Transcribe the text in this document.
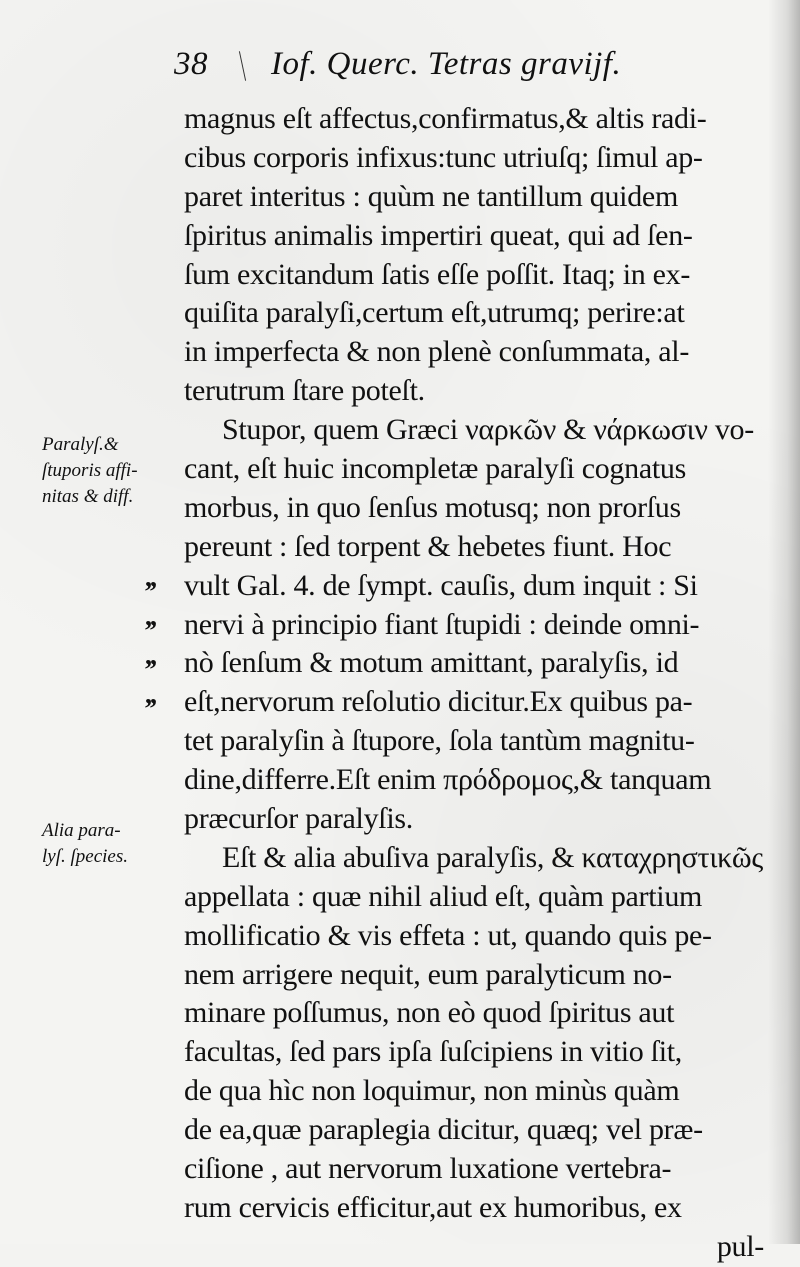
38 Iof. Querc. Tetras gravijf.
magnus eſt affectus,confirmatus,& altis radi-
cibus corporis infixus:tunc utriuſq; ſimul ap-
paret interitus : quùm ne tantillum quidem
ſpiritus animalis impertiri queat, qui ad ſen-
ſum excitandum ſatis eſſe poſſit. Itaq; in ex-
quiſita paralyſi,certum eſt,utrumq; perire:at
in imperfecta & non plenè conſummata, al-
terutrum ſtare poteſt.
Stupor, quem Græci ναρκῶν & νάρκωσιν vo-
cant, eſt huic incompletæ paralyſi cognatus
morbus, in quo ſenſus motusq; non prorſus
pereunt : ſed torpent & hebetes fiunt. Hoc
vult Gal. 4. de ſympt. cauſis, dum inquit : Si
nervi à principio fiant ſtupidi : deinde omni-
nò ſenſum & motum amittant, paralyſis, id
eſt,nervorum reſolutio dicitur.Ex quibus pa-
tet paralyſin à ſtupore, ſola tantùm magnitu-
dine,differre.Eſt enim πρόδρομος,& tanquam
præcurſor paralyſis.
Eſt & alia abuſiva paralyſis, & καταχρηστικῶς
appellata : quæ nihil aliud eſt, quàm partium
mollificatio & vis effeta : ut, quando quis pe-
nem arrigere nequit, eum paralyticum no-
minare poſſumus, non eò quod ſpiritus aut
facultas, ſed pars ipſa ſuſcipiens in vitio ſit,
de qua hìc non loquimur, non minùs quàm
de ea,quæ paraplegia dicitur, quæq; vel præ-
ciſione , aut nervorum luxatione vertebra-
rum cervicis efficitur,aut ex humoribus, ex
pul-
,,
,,
,,
,,
Paralyſ.&
ſtuporis affi-
nitas & diff.
Alia para-
lyſ. ſpecies.
